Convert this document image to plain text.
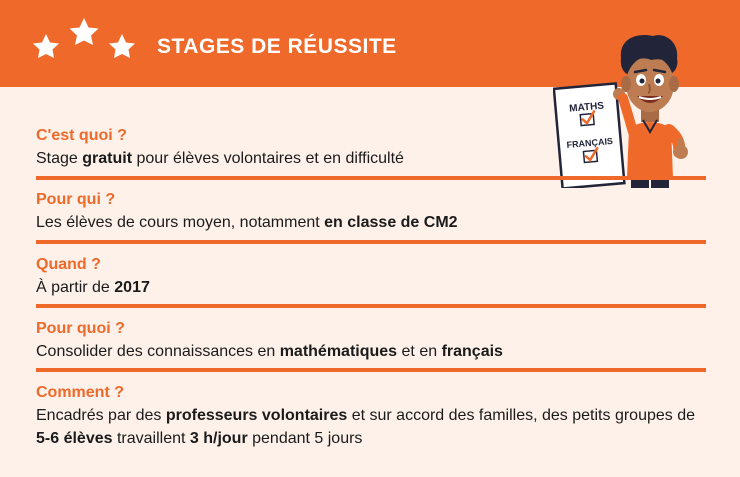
STAGES DE RÉUSSITE
MATHS
FRANÇAIS
C'est quoi ?
Stage gratuit pour élèves volontaires et en difficulté
Pour qui ?
Les élèves de cours moyen, notamment en classe de CM2
Quand ?
À partir de 2017
Pour quoi ?
Consolider des connaissances en mathématiques et en français
Comment ?
Encadrés par des professeurs volontaires et sur accord des familles, des petits groupes de 5-6 élèves travaillent 3 h/jour pendant 5 jours
